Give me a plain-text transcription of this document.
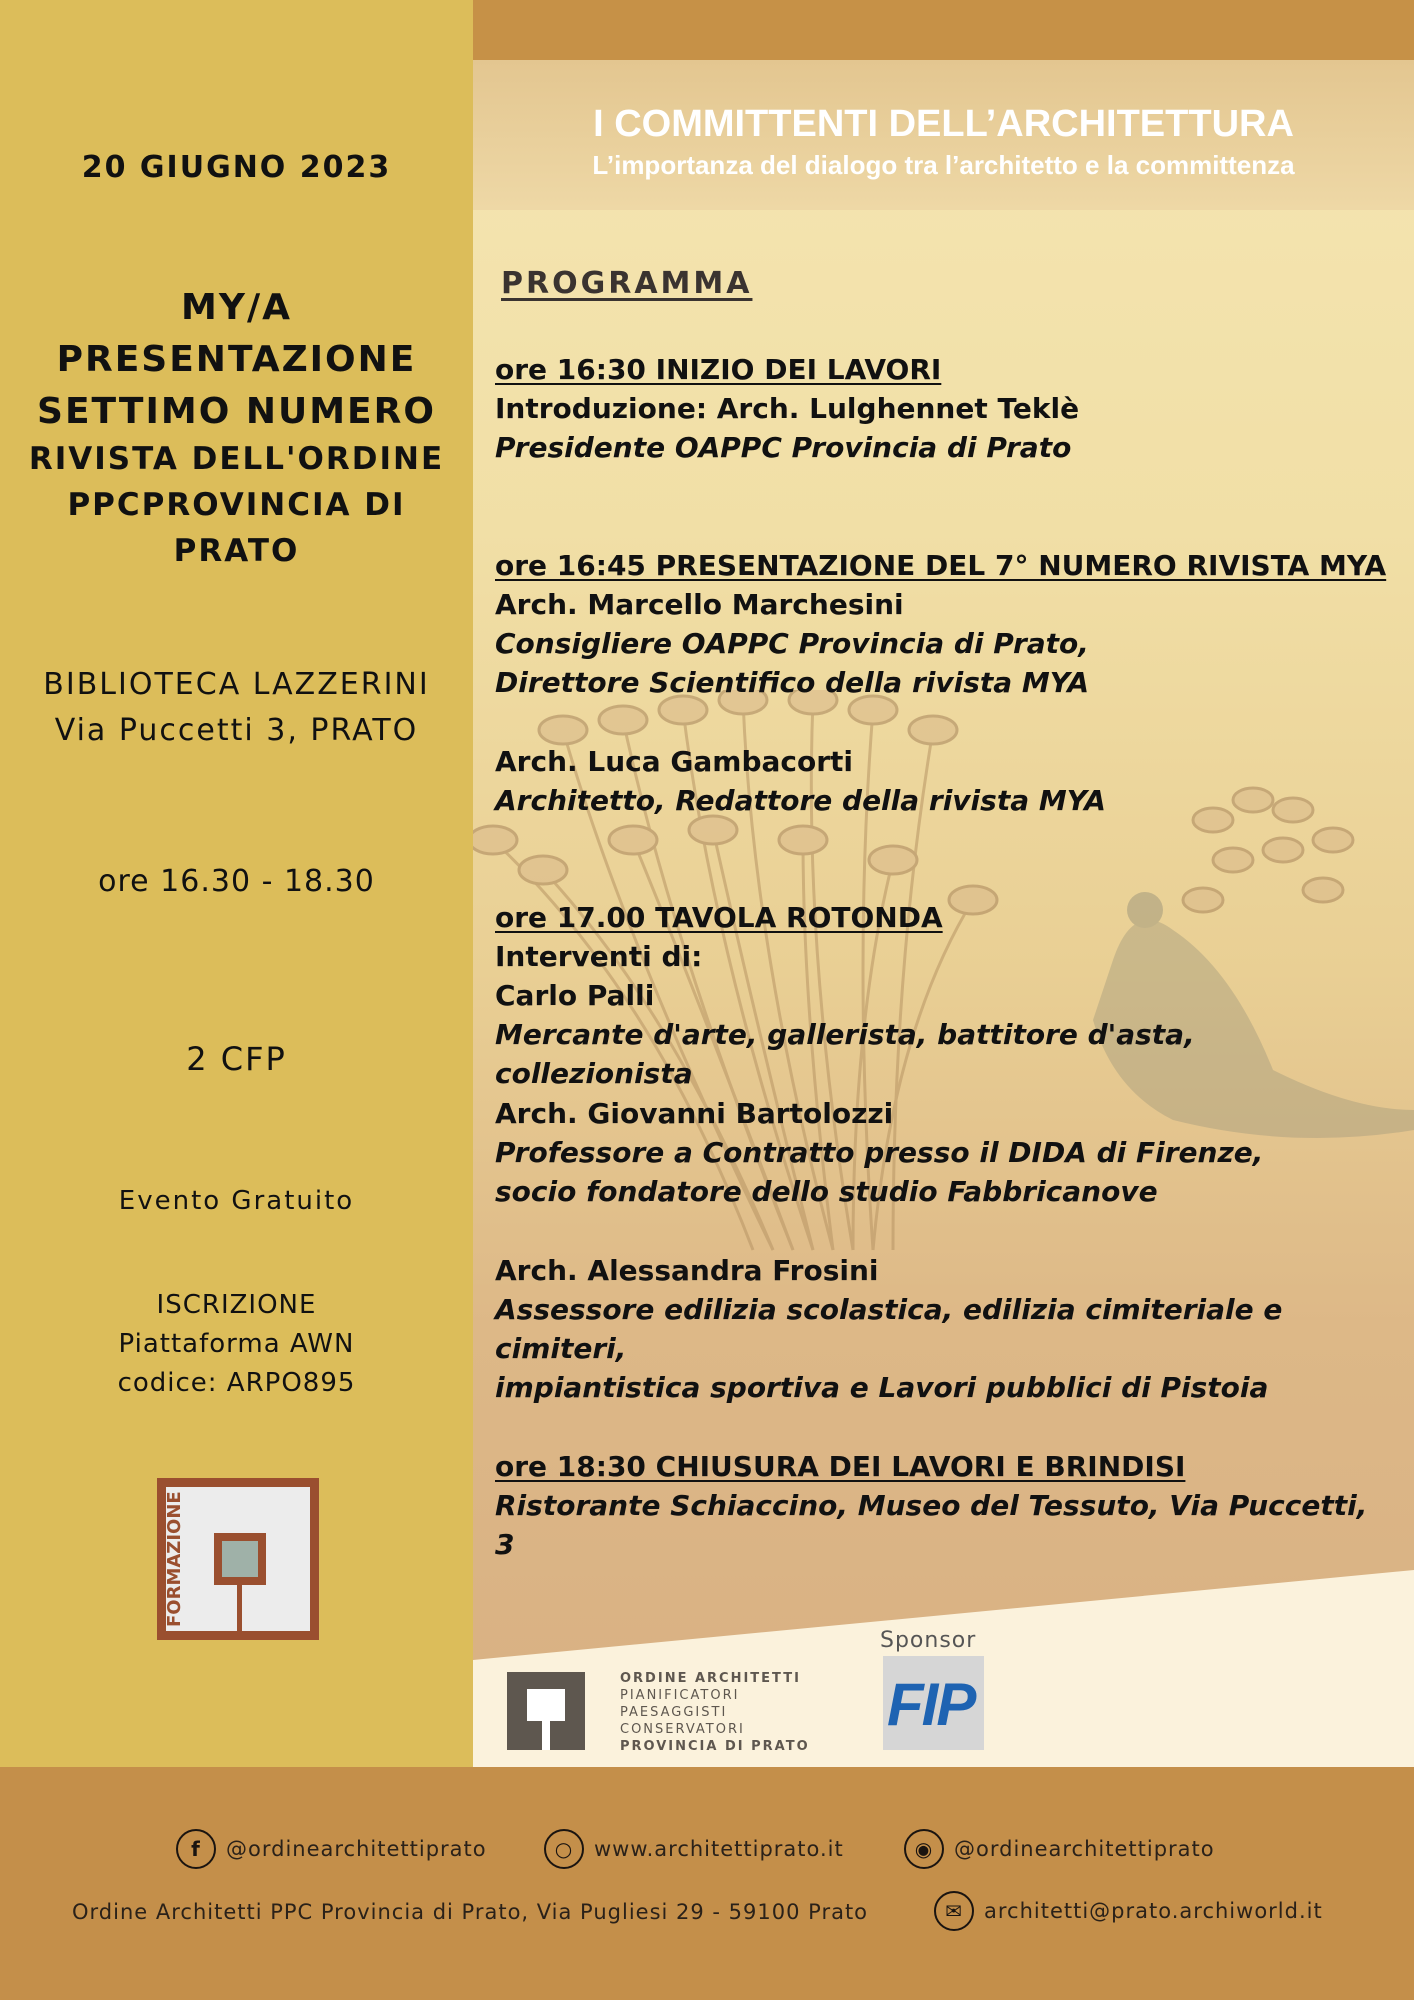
20 GIUGNO 2023
MY/A
PRESENTAZIONE
SETTIMO NUMERO
RIVISTA DELL'ORDINE
PPCPROVINCIA DI
PRATO
BIBLIOTECA LAZZERINI
Via Puccetti 3, PRATO
ore 16.30 - 18.30
2 CFP
Evento Gratuito
ISCRIZIONE
Piattaforma AWN
codice: ARPO895
FORMAZIONE
I COMMITTENTI DELL’ARCHITETTURA
L’importanza del dialogo tra l’architetto e la committenza
PROGRAMMA
ore 16:30 INIZIO DEI LAVORI
Introduzione: Arch. Lulghennet Teklè
Presidente OAPPC Provincia di Prato
ore 16:45 PRESENTAZIONE DEL 7° NUMERO RIVISTA MYA
Arch. Marcello Marchesini
Consigliere OAPPC Provincia di Prato,
Direttore Scientifico della rivista MYA
Arch. Luca Gambacorti
Architetto, Redattore della rivista MYA
ore 17.00 TAVOLA ROTONDA
Interventi di:
Carlo Palli
Mercante d'arte, gallerista, battitore d'asta, collezionista
Arch. Giovanni Bartolozzi
Professore a Contratto presso il DIDA di Firenze,
socio fondatore dello studio Fabbricanove
Arch. Alessandra Frosini
Assessore edilizia scolastica, edilizia cimiteriale e cimiteri,
impiantistica sportiva e Lavori pubblici di Pistoia
ore 18:30 CHIUSURA DEI LAVORI E BRINDISI
Ristorante Schiaccino, Museo del Tessuto, Via Puccetti, 3
ORDINE ARCHITETTI
PIANIFICATORI
PAESAGGISTI
CONSERVATORI
PROVINCIA DI PRATO
Sponsor
FIP
f	@ordinearchitettiprato	○ www.architettiprato.it	◉ @ordinearchitettiprato
Ordine Architetti PPC Provincia di Prato, Via Pugliesi 29 - 59100 Prato	✉	architetti@prato.archiworld.it
